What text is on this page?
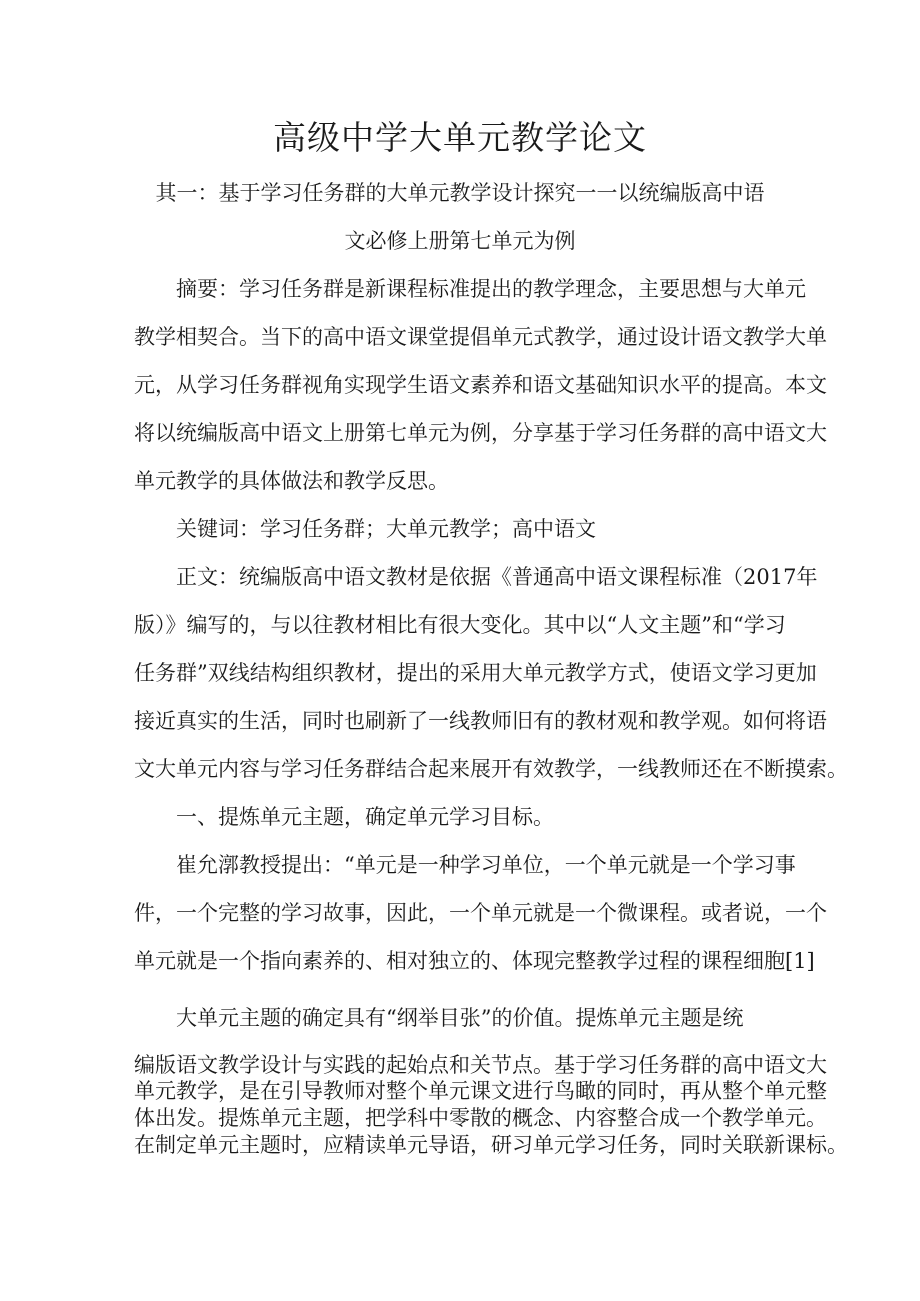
高级中学大单元教学论文
其一：基于学习任务群的大单元教学设计探究一一以统编版高中语
文必修上册第七单元为例
摘要：学习任务群是新课程标准提出的教学理念，主要思想与大单元
教学相契合。当下的高中语文课堂提倡单元式教学，通过设计语文教学大单
元，从学习任务群视角实现学生语文素养和语文基础知识水平的提高。本文
将以统编版高中语文上册第七单元为例，分享基于学习任务群的高中语文大
单元教学的具体做法和教学反思。
关键词：学习任务群；大单元教学；高中语文
正文：统编版高中语文教材是依据《普通高中语文课程标准（2017年
版）》编写的，与以往教材相比有很大变化。其中以“人文主题”和“学习
任务群”双线结构组织教材，提出的采用大单元教学方式，使语文学习更加
接近真实的生活，同时也刷新了一线教师旧有的教材观和教学观。如何将语
文大单元内容与学习任务群结合起来展开有效教学，一线教师还在不断摸索。
一、提炼单元主题，确定单元学习目标。
崔允漷教授提出：“单元是一种学习单位，一个单元就是一个学习事
件，一个完整的学习故事，因此，一个单元就是一个微课程。或者说，一个
单元就是一个指向素养的、相对独立的、体现完整教学过程的课程细胞[1]
大单元主题的确定具有“纲举目张”的价值。提炼单元主题是统
编版语文教学设计与实践的起始点和关节点。基于学习任务群的高中语文大
单元教学，是在引导教师对整个单元课文进行鸟瞰的同时，再从整个单元整
体出发。提炼单元主题，把学科中零散的概念、内容整合成一个教学单元。
在制定单元主题时，应精读单元导语，研习单元学习任务，同时关联新课标。
